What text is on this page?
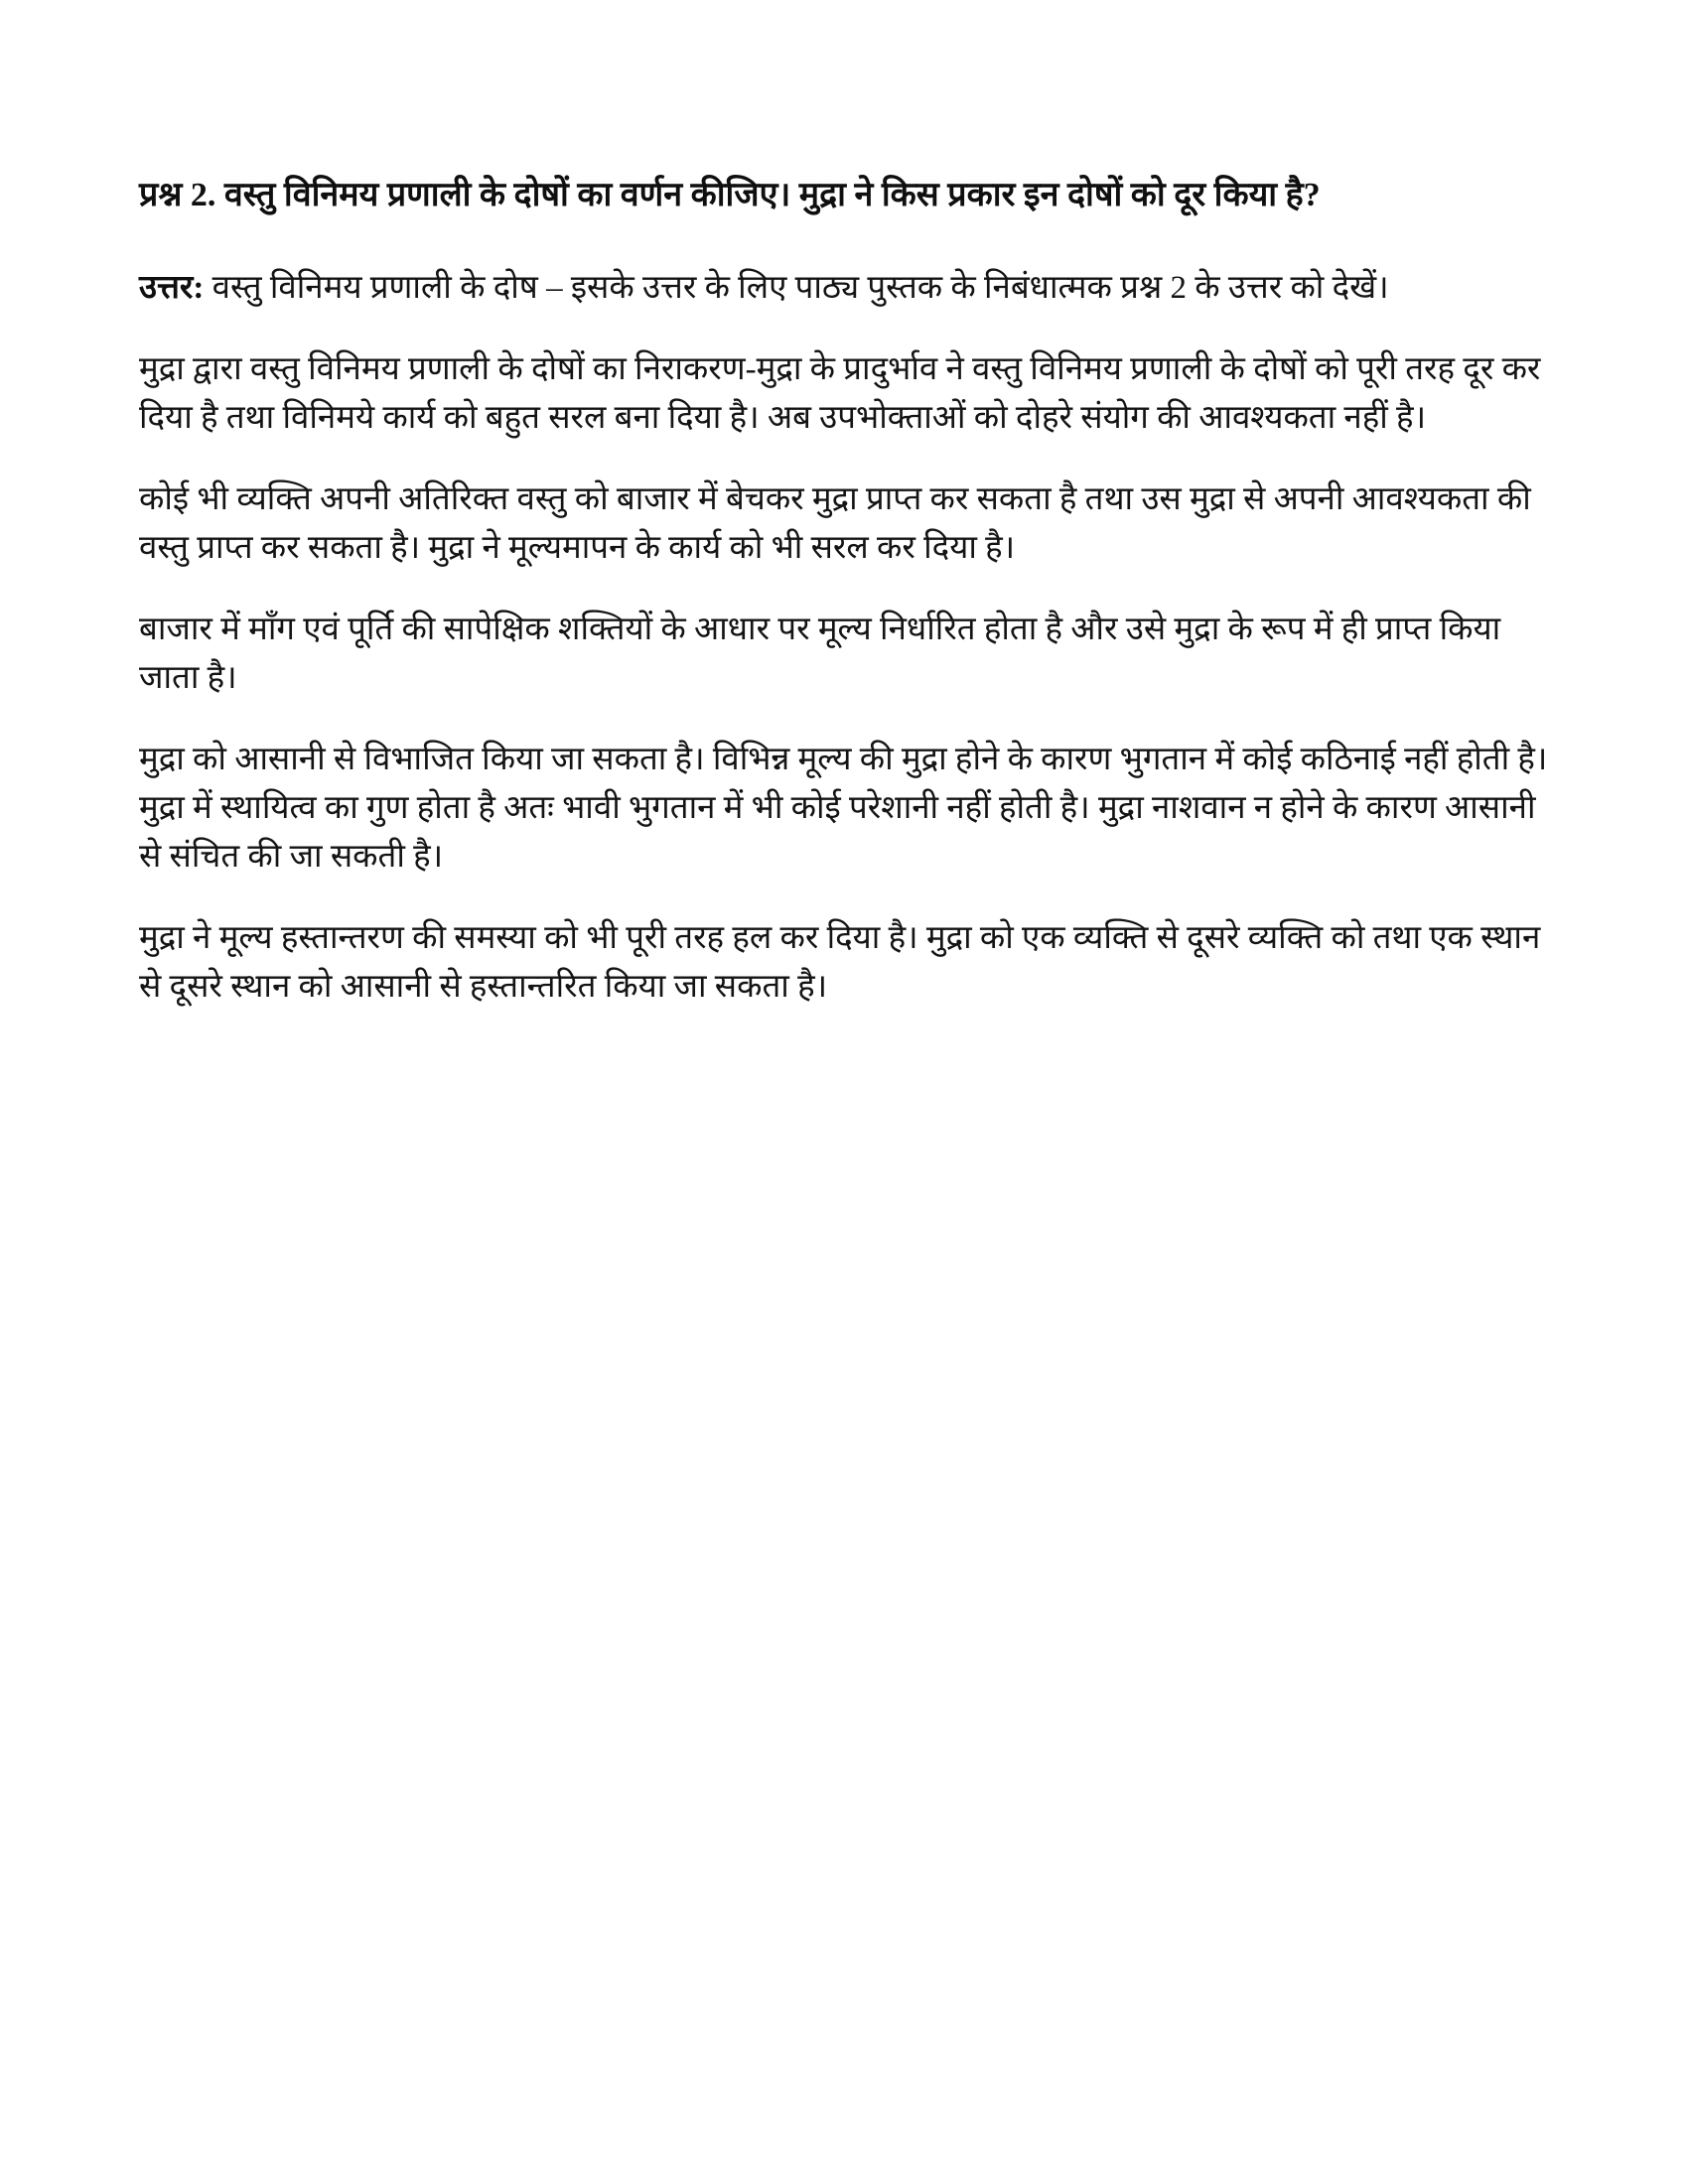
प्रश्न 2. वस्तु विनिमय प्रणाली के दोषों का वर्णन कीजिए। मुद्रा ने किस प्रकार इन दोषों को दूर किया है?

उत्तर: वस्तु विनिमय प्रणाली के दोष – इसके उत्तर के लिए पाठ्य पुस्तक के निबंधात्मक प्रश्न 2 के उत्तर को देखें।

मुद्रा द्वारा वस्तु विनिमय प्रणाली के दोषों का निराकरण-मुद्रा के प्रादुर्भाव ने वस्तु विनिमय प्रणाली के दोषों को पूरी तरह दूर कर दिया है तथा विनिमये कार्य को बहुत सरल बना दिया है। अब उपभोक्ताओं को दोहरे संयोग की आवश्यकता नहीं है।

कोई भी व्यक्ति अपनी अतिरिक्त वस्तु को बाजार में बेचकर मुद्रा प्राप्त कर सकता है तथा उस मुद्रा से अपनी आवश्यकता की वस्तु प्राप्त कर सकता है। मुद्रा ने मूल्यमापन के कार्य को भी सरल कर दिया है।

बाजार में माँग एवं पूर्ति की सापेक्षिक शक्तियों के आधार पर मूल्य निर्धारित होता है और उसे मुद्रा के रूप में ही प्राप्त किया जाता है।

मुद्रा को आसानी से विभाजित किया जा सकता है। विभिन्न मूल्य की मुद्रा होने के कारण भुगतान में कोई कठिनाई नहीं होती है। मुद्रा में स्थायित्व का गुण होता है अतः भावी भुगतान में भी कोई परेशानी नहीं होती है। मुद्रा नाशवान न होने के कारण आसानी से संचित की जा सकती है।

मुद्रा ने मूल्य हस्तान्तरण की समस्या को भी पूरी तरह हल कर दिया है। मुद्रा को एक व्यक्ति से दूसरे व्यक्ति को तथा एक स्थान से दूसरे स्थान को आसानी से हस्तान्तरित किया जा सकता है।
